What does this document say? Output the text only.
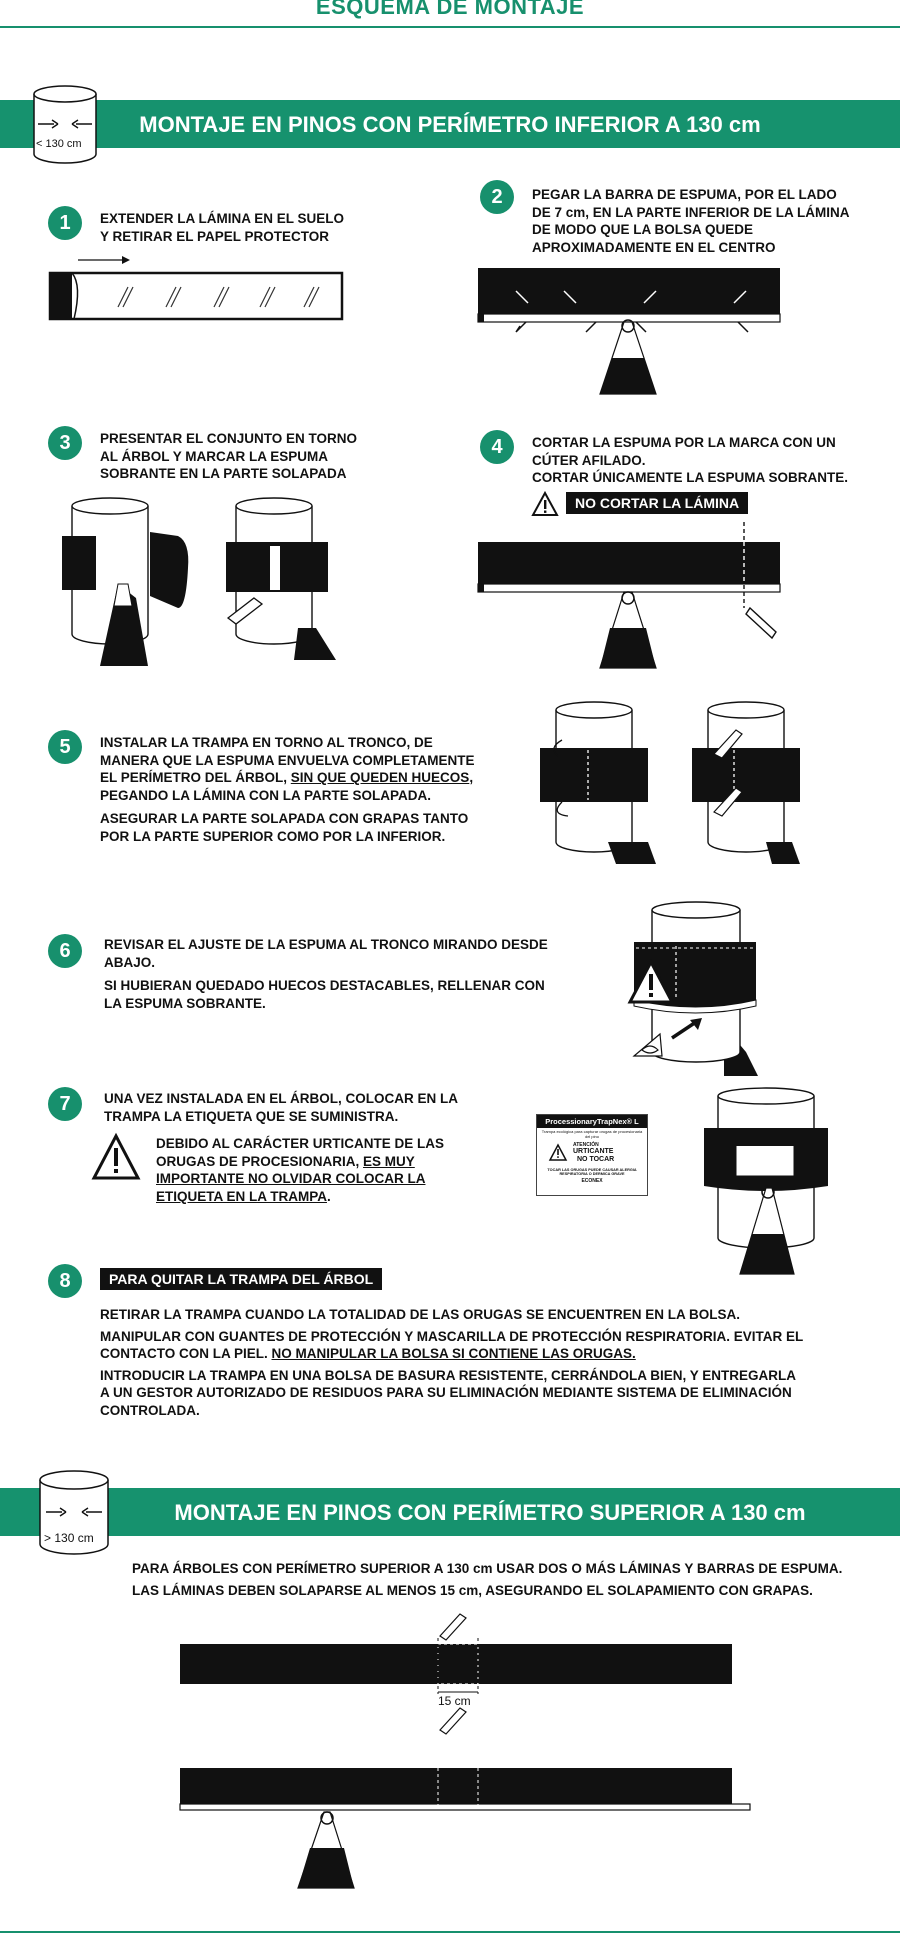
ESQUEMA DE MONTAJE
MONTAJE EN PINOS CON PERÍMETRO INFERIOR A 130 cm
< 130 cm
1	EXTENDER LA LÁMINA EN EL SUELO
Y RETIRAR EL PAPEL PROTECTOR
2	PEGAR LA BARRA DE ESPUMA, POR EL LADO
DE 7 cm, EN LA PARTE INFERIOR DE LA LÁMINA
DE MODO QUE LA BOLSA QUEDE
APROXIMADAMENTE EN EL CENTRO
3	PRESENTAR EL CONJUNTO EN TORNO
AL ÁRBOL Y MARCAR LA ESPUMA
SOBRANTE EN LA PARTE SOLAPADA
4	CORTAR LA ESPUMA POR LA MARCA CON UN
CÚTER AFILADO.
CORTAR ÚNICAMENTE LA ESPUMA SOBRANTE.
NO CORTAR LA LÁMINA
5	INSTALAR LA TRAMPA EN TORNO AL TRONCO, DE
MANERA QUE LA ESPUMA ENVUELVA COMPLETAMENTE
EL PERÍMETRO DEL ÁRBOL, SIN QUE QUEDEN HUECOS,
PEGANDO LA LÁMINA CON LA PARTE SOLAPADA.
ASEGURAR LA PARTE SOLAPADA CON GRAPAS TANTO
POR LA PARTE SUPERIOR COMO POR LA INFERIOR.
6	REVISAR EL AJUSTE DE LA ESPUMA AL TRONCO MIRANDO DESDE
ABAJO.
SI HUBIERAN QUEDADO HUECOS DESTACABLES, RELLENAR CON
LA ESPUMA SOBRANTE.
7	UNA VEZ INSTALADA EN EL ÁRBOL, COLOCAR EN LA
TRAMPA LA ETIQUETA QUE SE SUMINISTRA.
DEBIDO AL CARÁCTER URTICANTE DE LAS
ORUGAS DE PROCESIONARIA, ES MUY
IMPORTANTE NO OLVIDAR COLOCAR LA
ETIQUETA EN LA TRAMPA.
ProcessionaryTrapNex® L
Trampa ecológica para capturar orugas de procesionaria del pino
ATENCIÓN
URTICANTE
NO TOCAR
TOCAR LAS ORUGAS PUEDE CAUSAR ALERGIA RESPIRATORIA O DERMICA GRAVE
ECONEX
8	PARA QUITAR LA TRAMPA DEL ÁRBOL
RETIRAR LA TRAMPA CUANDO LA TOTALIDAD DE LAS ORUGAS SE ENCUENTREN EN LA BOLSA.
MANIPULAR CON GUANTES DE PROTECCIÓN Y MASCARILLA DE PROTECCIÓN RESPIRATORIA. EVITAR EL
CONTACTO CON LA PIEL. NO MANIPULAR LA BOLSA SI CONTIENE LAS ORUGAS.
INTRODUCIR LA TRAMPA EN UNA BOLSA DE BASURA RESISTENTE, CERRÁNDOLA BIEN, Y ENTREGARLA
A UN GESTOR AUTORIZADO DE RESIDUOS PARA SU ELIMINACIÓN MEDIANTE SISTEMA DE ELIMINACIÓN
CONTROLADA.
MONTAJE EN PINOS CON PERÍMETRO SUPERIOR A 130 cm
> 130 cm
PARA ÁRBOLES CON PERÍMETRO SUPERIOR A 130 cm USAR DOS O MÁS LÁMINAS Y BARRAS DE ESPUMA.
LAS LÁMINAS DEBEN SOLAPARSE AL MENOS 15 cm, ASEGURANDO EL SOLAPAMIENTO CON GRAPAS.
15 cm
